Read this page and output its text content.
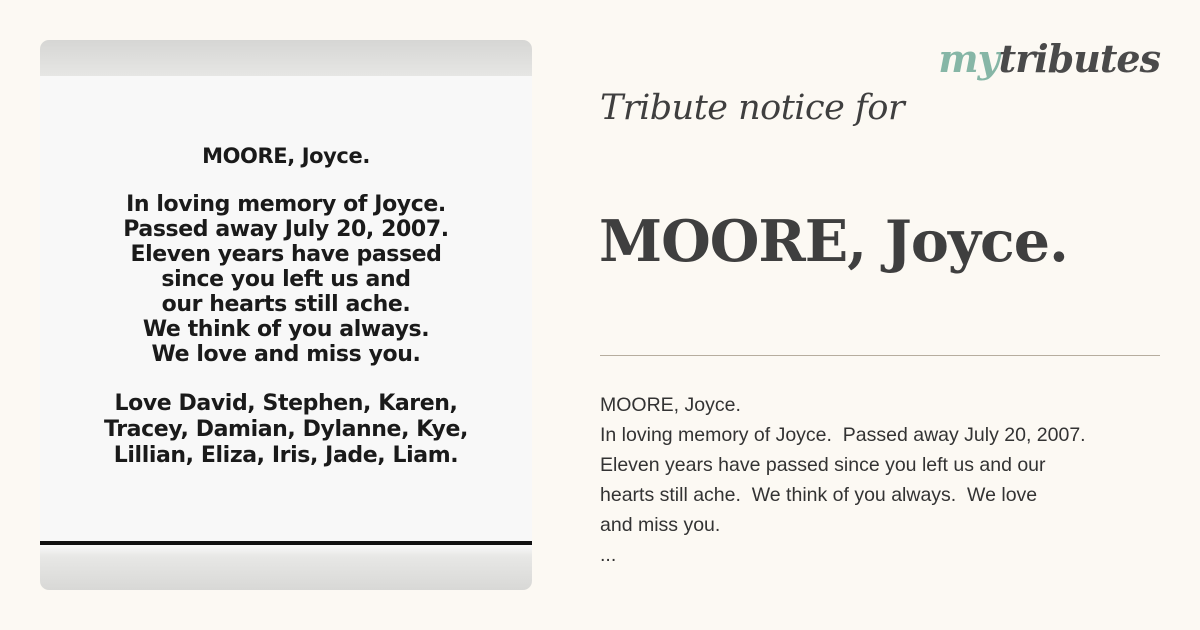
MOORE, Joyce.
In loving memory of Joyce.
Passed away July 20, 2007.
Eleven years have passed
since you left us and
our hearts still ache.
We think of you always.
We love and miss you.
Love David, Stephen, Karen,
Tracey, Damian, Dylanne, Kye,
Lillian, Eliza, Iris, Jade, Liam.
mytributes
Tribute notice for
MOORE, Joyce.
MOORE, Joyce.
In loving memory of Joyce.  Passed away July 20, 2007.
Eleven years have passed since you left us and our
hearts still ache.  We think of you always.  We love
and miss you.
...
